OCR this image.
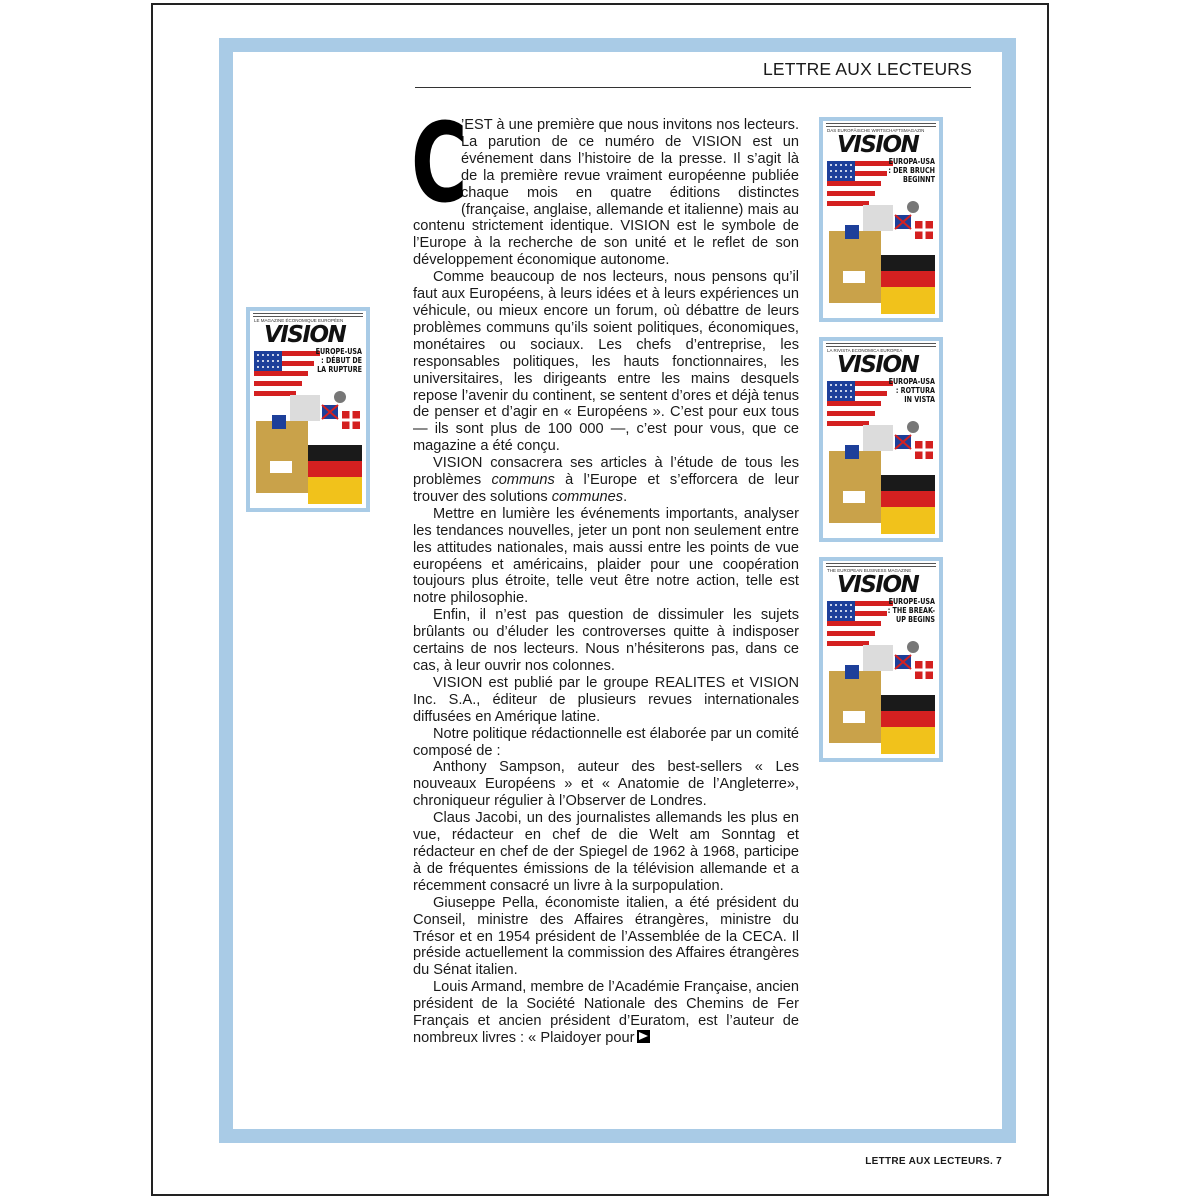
LETTRE AUX LECTEURS
C

’EST à une première que nous invitons nos lecteurs. La parution de ce numéro de VISION est un événement dans l’histoire de la presse. Il s’agit là de la première revue vraiment européenne publiée chaque mois en quatre éditions distinctes (française, anglaise, allemande et italienne) mais au contenu strictement identique. VISION est le symbole de l’Europe à la recherche de son unité et le reflet de son développement économique autonome.

Comme beaucoup de nos lecteurs, nous pensons qu’il faut aux Européens, à leurs idées et à leurs expériences un véhicule, ou mieux encore un forum, où débattre de leurs problèmes communs qu’ils soient politiques, économiques, monétaires ou sociaux. Les chefs d’entreprise, les responsables politiques, les hauts fonctionnaires, les universitaires, les dirigeants entre les mains desquels repose l’avenir du continent, se sentent d’ores et déjà tenus de penser et d’agir en « Européens ». C’est pour eux tous — ils sont plus de 100 000 —, c’est pour vous, que ce magazine a été conçu.

VISION consacrera ses articles à l’étude de tous les problèmes communs à l’Europe et s’efforcera de leur trouver des solutions communes.

Mettre en lumière les événements importants, analyser les tendances nouvelles, jeter un pont non seulement entre les attitudes nationales, mais aussi entre les points de vue européens et américains, plaider pour une coopération toujours plus étroite, telle veut être notre action, telle est notre philosophie.

Enfin, il n’est pas question de dissimuler les sujets brûlants ou d’éluder les controverses quitte à indisposer certains de nos lecteurs. Nous n’hésiterons pas, dans ce cas, à leur ouvrir nos colonnes.

VISION est publié par le groupe REALITES et VISION Inc. S.A., éditeur de plusieurs revues internationales diffusées en Amérique latine.

Notre politique rédactionnelle est élaborée par un comité composé de :

Anthony Sampson, auteur des best-sellers « Les nouveaux Européens » et « Anatomie de l’Angleterre», chroniqueur régulier à l’Observer de Londres.

Claus Jacobi, un des journalistes allemands les plus en vue, rédacteur en chef de die Welt am Sonntag et rédacteur en chef de der Spiegel de 1962 à 1968, participe à de fréquentes émissions de la télévision allemande et a récemment consacré un livre à la surpopulation.

Giuseppe Pella, économiste italien, a été président du Conseil, ministre des Affaires étrangères, ministre du Trésor et en 1954 président de l’Assemblée de la CECA. Il préside actuellement la commission des Affaires étrangères du Sénat italien.

Louis Armand, membre de l’Académie Française, ancien président de la Société Nationale des Chemins de Fer Français et ancien président d’Euratom, est l’auteur de nombreux livres : « Plaidoyer pour

LE MAGAZINE ÉCONOMIQUE EUROPÉEN
VISION
EUROPE-USA : DÉBUT DE LA RUPTURE
DAS EUROPÄISCHE WIRTSCHAFTSMAGAZIN
VISION
EUROPA-USA : DER BRUCH BEGINNT
LA RIVISTA ECONOMICA EUROPEA
VISION
EUROPA-USA : ROTTURA IN VISTA
THE EUROPEAN BUSINESS MAGAZINE
VISION
EUROPE-USA : THE BREAK-UP BEGINS
LETTRE AUX LECTEURS. 7
